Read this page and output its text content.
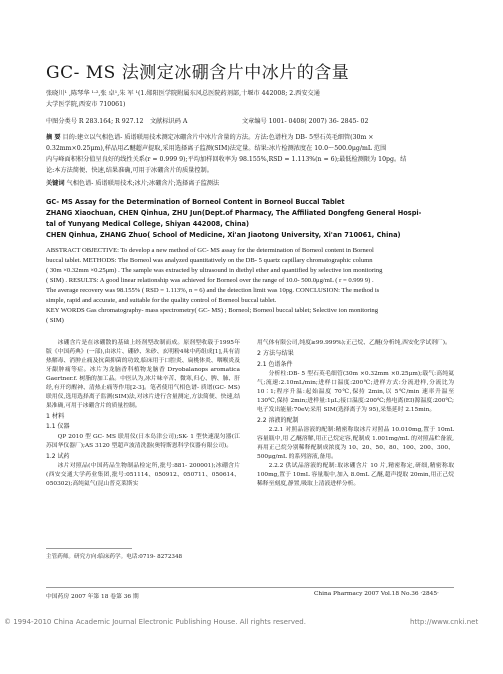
GC- MS 法测定冰硼含片中冰片的含量
张晓川¹ ,陈琴华 ¹·²,张 卓¹,朱 军 ¹(1.郧阳医学院附属东风总医院药剂部,十堰市 442008; 2.西安交通
大学医学院,西安市 710061)
中图分类号 R 283.164; R 927.12 文献标识码 A	文章编号 1001- 0408( 2007) 36- 2845- 02
摘 要 目的:建立以气相色谱- 质谱联用技术测定冰硼含片中冰片含量的方法。方法:色谱柱为 DB- 5型石英毛细管(30m ×
0.32mm×0.25μm),样品用乙醚超声提取,采用选择离子监测(SIM)法定量。结果:冰片检测浓度在 10.0～500.0μg/mL 范围
内与峰面积积分值呈良好的线性关系(r = 0.999 9);平均加样回收率为 98.155%,RSD = 1.113%(n = 6);最低检测限为 10pg。结
论:本方法简便、快速,结果准确,可用于冰硼含片的质量控制。
关键词 气相色谱- 质谱联用技术;冰片;冰硼含片;选择离子监测法
GC- MS Assay for the Determination of Borneol Content in Borneol Buccal Tablet
ZHANG Xiaochuan, CHEN Qinhua, ZHU Jun(Dept.of Pharmacy, The Affiliated Dongfeng General Hospi-
tal of Yunyang Medical College, Shiyan 442008, China)
CHEN Qinhua, ZHANG Zhuo( School of Medicine, Xi'an Jiaotong University, Xi'an 710061, China)
ABSTRACT OBJECTIVE: To develop a new method of GC- MS assay for the determination of Borneol content in Borneol
buccal tablet. METHODS: The Borneol was analyzed quantitatively on the DB- 5 quartz capillary chromatographic column
( 30m ×0.32mm ×0.25μm) . The sample was extracted by ultrasound in diethyl ether and quantified by selective ion monitoring
( SIM) . RESULTS: A good linear relationship was achieved for Borneol over the range of 10.0- 500.0μg/mL ( r = 0.999 9) .
The average recovery was 98.155% ( RSD = 1.113%, n = 6) and the detection limit was 10pg. CONCLUSION: The method is
simple, rapid and accurate, and suitable for the quality control of Borneol buccal tablet.
KEY WORDS Gas chromatography- mass spectrometry( GC- MS) ; Borneol; Borneol buccal tablet; Selective ion monitoring
( SIM)

冰硼含片是在冰硼散的基础上经剂型改制而成。原剂型收载于1995年版《中国药典》(一部),由冰片、硼砂、朱砂、玄明粉4味中药组成[1],具有清热解毒、消肿止痛及抗菌抑菌的功效,临床用于口腔炎、扁桃体炎、咽喉炎及牙龈肿痛等症。冰片为龙脑香科植物龙脑香 Dryobalanops aromatica Gaertner.f. 树脂的加工品。中医认为,冰片味辛苦、微寒,归心、脾、肺、肝经,有开窍醒神、清热止痛等作用[2-3]。笔者使用气相色谱- 质谱(GC- MS)联用仪,选用选择离子监测(SIM)法,对冰片进行含量测定,方法简便、快速,结果准确,可用于冰硼含片的质量控制。

1 材料

1.1 仪器

QP 2010 型 GC- MS 联用仪(日本岛津公司);SK- 1 型快速混匀器(江苏国华仪器厂);AS 3120 型超声波清洗器(奥特斯恩科学仪器有限公司)。

1.2 试药

冰片对照品(中国药品生物制品检定所,批号:881- 200001);冰硼含片(西安交通大学药业集团,批号:051114、050912、050711、050614、050302);高纯氦气(昆山普克莱斯实

用气体有限公司,纯度≥99.999%);正己烷、乙醚(分析纯,西安化学试剂厂)。

2 方法与结果

2.1 色谱条件

分析柱:DB- 5 型石英毛细管(30m ×0.32mm ×0.25μm);载气:高纯氦气;流速:2.10mL/min;进样口温度:200℃;进样方式:分流进样,分流比为 10∶1;程序升温:起始温度 70℃,保持 2min,以 5℃/min 速率升温至 130℃,保持 2min;进样量:1μL;接口温度:200℃;热电离(EI)源温度:200℃;电子发出能量:70eV;采用 SIM(选择离子为 95),采集延时 2.15min。

2.2 溶液的配制

2.2.1 对照品溶液的配制:精密称取冰片对照品 10.010mg,置于 10mL 容量瓶中,用 乙醚溶解,用正己烷定容,配制成 1.001mg/mL 的对照品贮备液,再用正己烷分别稀释配制成浓度为 10、20、50、80、100、200、300、500μg/mL 的系列溶液,备用。

2.2.2 供试品溶液的配制:取冰硼含片 10 片,精密称定,研细,精密称取 100mg,置于 10mL 容量瓶中,加入 8.0mL 乙醚,超声提取 20min,用正己烷稀释至刻度,静置,吸取上清液进样分析。

主管药师。研究方向:临床药学。电话:0719- 8272348
中国药房 2007 年第 18 卷第 36 期	China Pharmacy 2007 Vol.18 No.36 ·2845·
© 1994-2010 China Academic Journal Electronic Publishing House. All rights reserved.	http://www.cnki.net
